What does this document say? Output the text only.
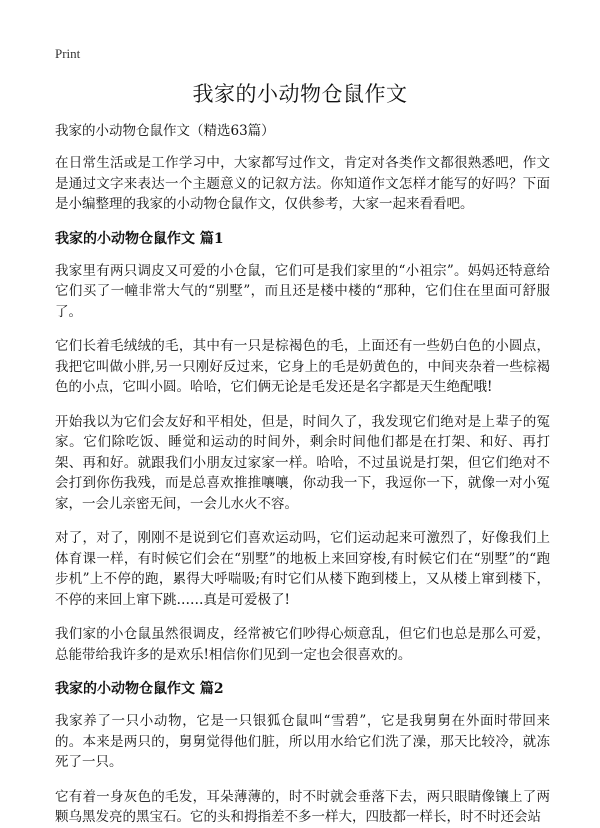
Print
我家的小动物仓鼠作文

我家的小动物仓鼠作文（精选63篇）

在日常生活或是工作学习中，大家都写过作文，肯定对各类作文都很熟悉吧，作文是通过文字来表达一个主题意义的记叙方法。你知道作文怎样才能写的好吗？下面是小编整理的我家的小动物仓鼠作文，仅供参考，大家一起来看看吧。

我家的小动物仓鼠作文 篇1

我家里有两只调皮又可爱的小仓鼠，它们可是我们家里的“小祖宗”。妈妈还特意给它们买了一幢非常大气的“别墅”，而且还是楼中楼的“那种，它们住在里面可舒服了。

它们长着毛绒绒的毛，其中有一只是棕褐色的毛，上面还有一些奶白色的小圆点，我把它叫做小胖,另一只刚好反过来，它身上的毛是奶黄色的，中间夹杂着一些棕褐色的小点，它叫小圆。哈哈，它们俩无论是毛发还是名字都是天生绝配哦!

开始我以为它们会友好和平相处，但是，时间久了，我发现它们绝对是上辈子的冤家。它们除吃饭、睡觉和运动的时间外，剩余时间他们都是在打架、和好、再打架、再和好。就跟我们小朋友过家家一样。哈哈，不过虽说是打架，但它们绝对不会打到你伤我残，而是总喜欢推推嚷嚷，你动我一下，我逗你一下，就像一对小冤家，一会儿亲密无间，一会儿水火不容。

对了，对了，刚刚不是说到它们喜欢运动吗，它们运动起来可激烈了，好像我们上体育课一样，有时候它们会在“别墅”的地板上来回穿梭,有时候它们在“别墅”的“跑步机”上不停的跑，累得大呼喘吸;有时它们从楼下跑到楼上，又从楼上窜到楼下，不停的来回上窜下跳……真是可爱极了!

我们家的小仓鼠虽然很调皮，经常被它们吵得心烦意乱，但它们也总是那么可爱，总能带给我许多的是欢乐!相信你们见到一定也会很喜欢的。

我家的小动物仓鼠作文 篇2

我家养了一只小动物，它是一只银狐仓鼠叫“雪碧”，它是我舅舅在外面时带回来的。本来是两只的，舅舅觉得他们脏，所以用水给它们洗了澡，那天比较冷，就冻死了一只。

它有着一身灰色的毛发，耳朵薄薄的，时不时就会垂落下去，两只眼睛像镶上了两颗乌黑发亮的黑宝石。它的头和拇指差不多一样大，四肢都一样长，时不时还会站
